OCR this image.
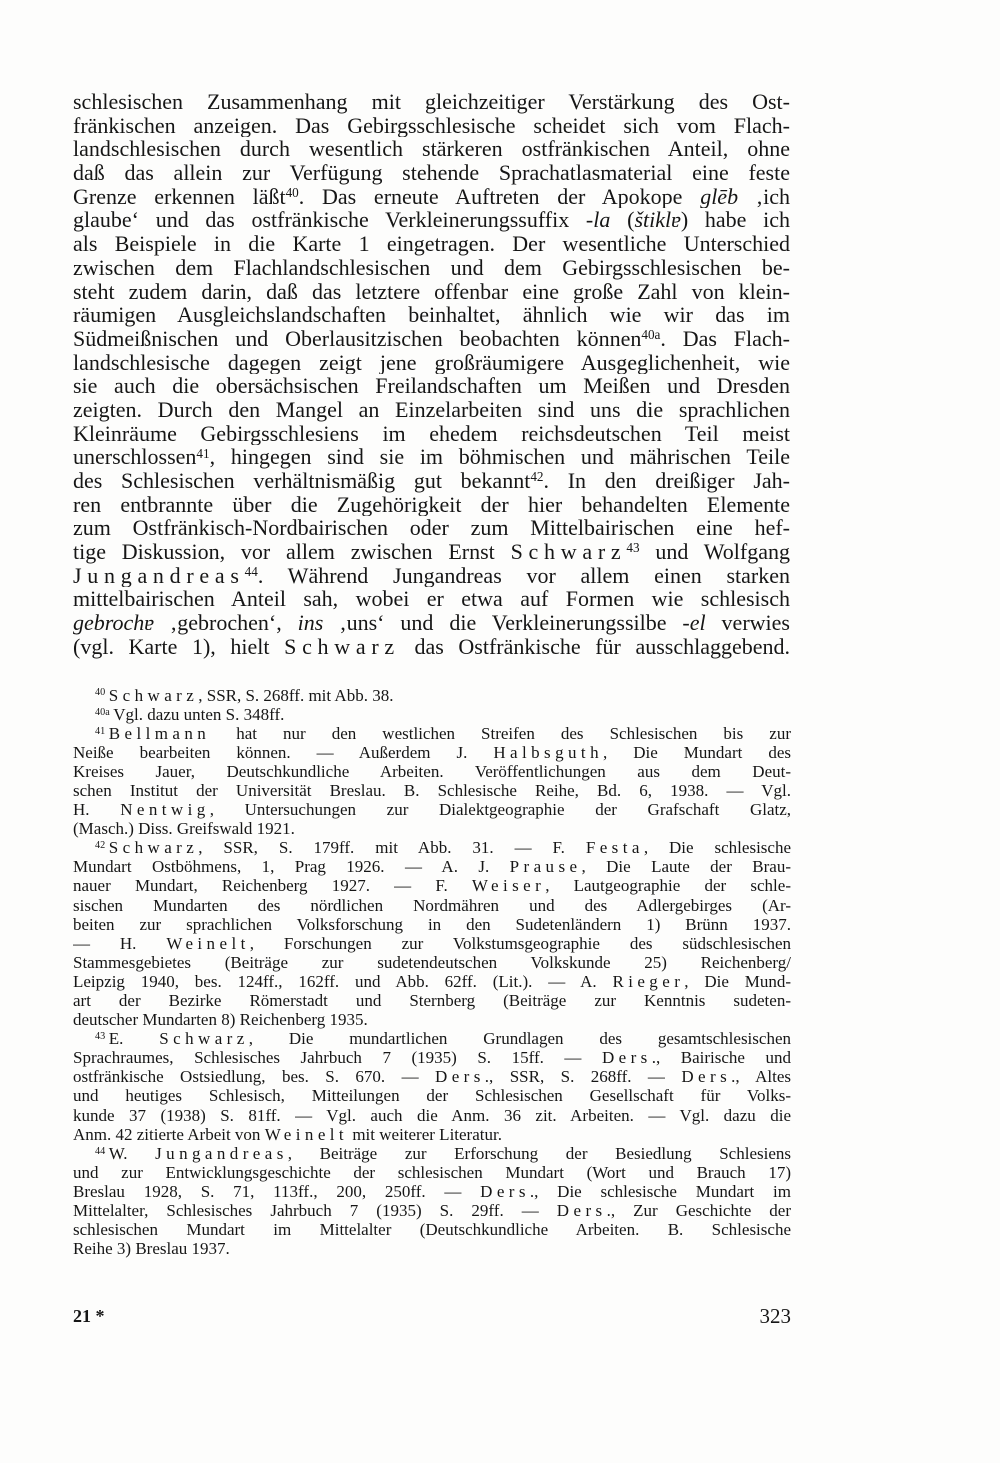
schlesischen Zusammenhang mit gleichzeitiger Verstärkung des Ost-
fränkischen anzeigen. Das Gebirgsschlesische scheidet sich vom Flach-
landschlesischen durch wesentlich stärkeren ostfränkischen Anteil, ohne
daß das allein zur Verfügung stehende Sprachatlasmaterial eine feste
Grenze erkennen läßt$^{40}$. Das erneute Auftreten der Apokope glēb ‚ich
glaube‘ und das ostfränkische Verkleinerungssuffix -la (štiklɐ) habe ich
als Beispiele in die Karte 1 eingetragen. Der wesentliche Unterschied
zwischen dem Flachlandschlesischen und dem Gebirgsschlesischen be-
steht zudem darin, daß das letztere offenbar eine große Zahl von klein-
räumigen Ausgleichslandschaften beinhaltet, ähnlich wie wir das im
Südmeißnischen und Oberlausitzischen beobachten können$^{40a}$. Das Flach-
landschlesische dagegen zeigt jene großräumigere Ausgeglichenheit, wie
sie auch die obersächsischen Freilandschaften um Meißen und Dresden
zeigten. Durch den Mangel an Einzelarbeiten sind uns die sprachlichen
Kleinräume Gebirgsschlesiens im ehedem reichsdeutschen Teil meist
unerschlossen$^{41}$, hingegen sind sie im böhmischen und mährischen Teile
des Schlesischen verhältnismäßig gut bekannt$^{42}$. In den dreißiger Jah-
ren entbrannte über die Zugehörigkeit der hier behandelten Elemente
zum Ostfränkisch-Nordbairischen oder zum Mittelbairischen eine hef-
tige Diskussion, vor allem zwischen Ernst Schwarz$^{43}$ und Wolfgang
Jungandreas$^{44}$. Während Jungandreas vor allem einen starken
mittelbairischen Anteil sah, wobei er etwa auf Formen wie schlesisch
gebrochɐ ‚gebrochen‘, ins ‚uns‘ und die Verkleinerungssilbe -el verwies
(vgl. Karte 1), hielt Schwarz das Ostfränkische für ausschlaggebend.
$^{40}$ Schwarz, SSR, S. 268ff. mit Abb. 38.
$^{40a}$ Vgl. dazu unten S. 348ff.
$^{41}$ Bellmann hat nur den westlichen Streifen des Schlesischen bis zur
Neiße bearbeiten können. — Außerdem J. Halbsguth, Die Mundart des
Kreises Jauer, Deutschkundliche Arbeiten. Veröffentlichungen aus dem Deut-
schen Institut der Universität Breslau. B. Schlesische Reihe, Bd. 6, 1938. — Vgl.
H. Nentwig, Untersuchungen zur Dialektgeographie der Grafschaft Glatz,
(Masch.) Diss. Greifswald 1921.
$^{42}$ Schwarz, SSR, S. 179ff. mit Abb. 31. — F. Festa, Die schlesische
Mundart Ostböhmens, 1, Prag 1926. — A. J. Prause, Die Laute der Brau-
nauer Mundart, Reichenberg 1927. — F. Weiser, Lautgeographie der schle-
sischen Mundarten des nördlichen Nordmähren und des Adlergebirges (Ar-
beiten zur sprachlichen Volksforschung in den Sudetenländern 1) Brünn 1937.
— H. Weinelt, Forschungen zur Volkstumsgeographie des südschlesischen
Stammesgebietes (Beiträge zur sudetendeutschen Volkskunde 25) Reichenberg/
Leipzig 1940, bes. 124ff., 162ff. und Abb. 62ff. (Lit.). — A. Rieger, Die Mund-
art der Bezirke Römerstadt und Sternberg (Beiträge zur Kenntnis sudeten-
deutscher Mundarten 8) Reichenberg 1935.
$^{43}$ E. Schwarz, Die mundartlichen Grundlagen des gesamtschlesischen
Sprachraumes, Schlesisches Jahrbuch 7 (1935) S. 15ff. — Ders., Bairische und
ostfränkische Ostsiedlung, bes. S. 670. — Ders., SSR, S. 268ff. — Ders., Altes
und heutiges Schlesisch, Mitteilungen der Schlesischen Gesellschaft für Volks-
kunde 37 (1938) S. 81ff. — Vgl. auch die Anm. 36 zit. Arbeiten. — Vgl. dazu die
Anm. 42 zitierte Arbeit von Weinelt mit weiterer Literatur.
$^{44}$ W. Jungandreas, Beiträge zur Erforschung der Besiedlung Schlesiens
und zur Entwicklungsgeschichte der schlesischen Mundart (Wort und Brauch 17)
Breslau 1928, S. 71, 113ff., 200, 250ff. — Ders., Die schlesische Mundart im
Mittelalter, Schlesisches Jahrbuch 7 (1935) S. 29ff. — Ders., Zur Geschichte der
schlesischen Mundart im Mittelalter (Deutschkundliche Arbeiten. B. Schlesische
Reihe 3) Breslau 1937.
21 *	323
